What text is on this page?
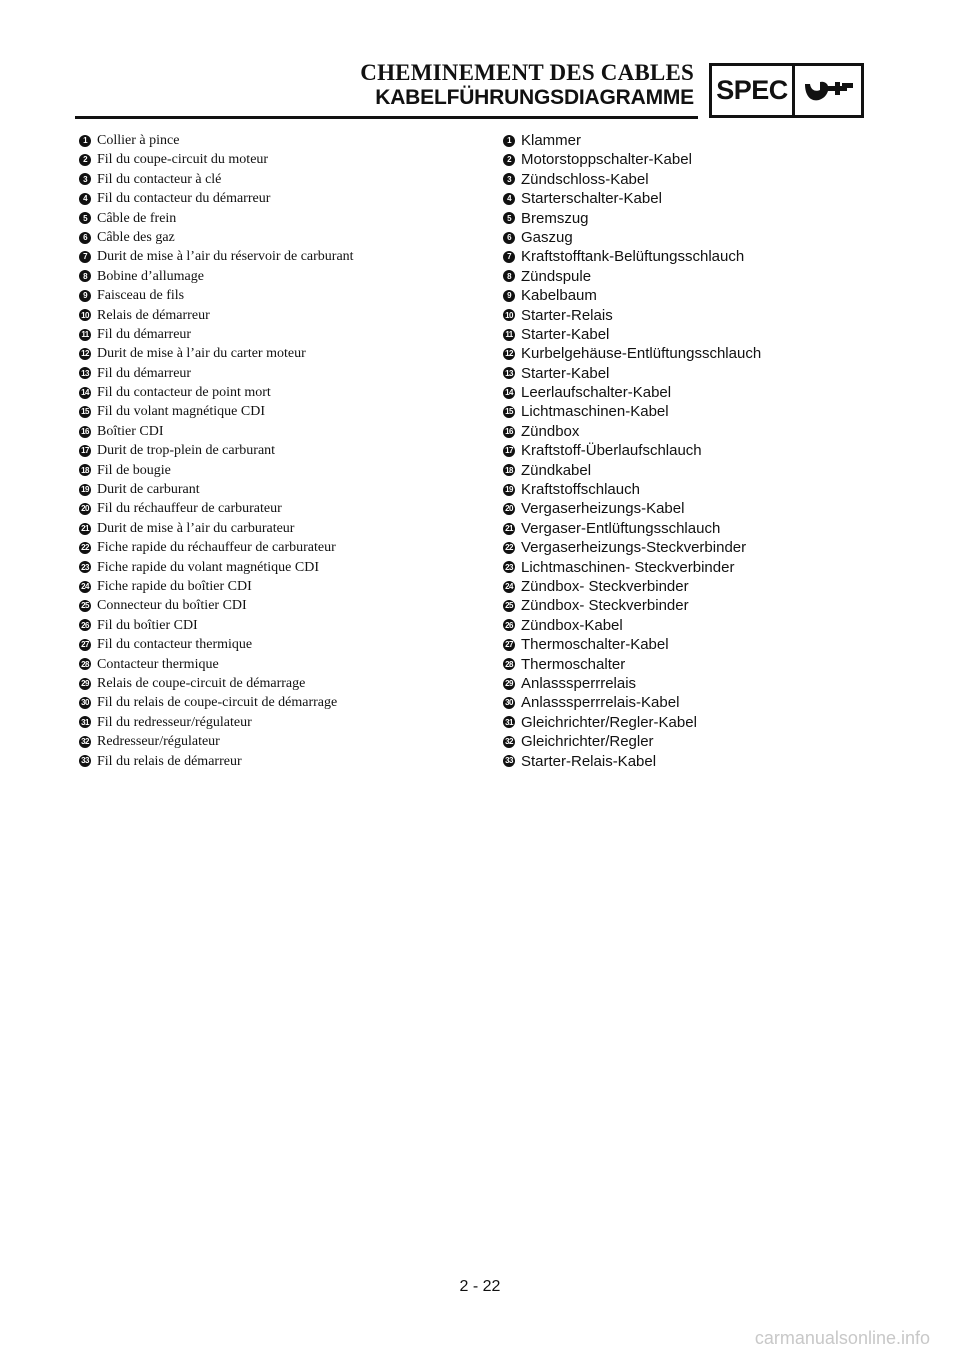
CHEMINEMENT DES CABLES
KABELFÜHRUNGSDIAGRAMME SPEC
1 Collier à pince
2 Fil du coupe-circuit du moteur
3 Fil du contacteur à clé
4 Fil du contacteur du démarreur
5 Câble de frein
6 Câble des gaz
7 Durit de mise à l’air du réservoir de carburant
8 Bobine d’allumage
9 Faisceau de fils
10 Relais de démarreur
11 Fil du démarreur
12 Durit de mise à l’air du carter moteur
13 Fil du démarreur
14 Fil du contacteur de point mort
15 Fil du volant magnétique CDI
16 Boîtier CDI
17 Durit de trop-plein de carburant
18 Fil de bougie
19 Durit de carburant
20 Fil du réchauffeur de carburateur
21 Durit de mise à l’air du carburateur
22 Fiche rapide du réchauffeur de carburateur
23 Fiche rapide du volant magnétique CDI
24 Fiche rapide du boîtier CDI
25 Connecteur du boîtier CDI
26 Fil du boîtier CDI
27 Fil du contacteur thermique
28 Contacteur thermique
29 Relais de coupe-circuit de démarrage
30 Fil du relais de coupe-circuit de démarrage
31 Fil du redresseur/régulateur
32 Redresseur/régulateur
33 Fil du relais de démarreur
1 Klammer
2 Motorstoppschalter-Kabel
3 Zündschloss-Kabel
4 Starterschalter-Kabel
5 Bremszug
6 Gaszug
7 Kraftstofftank-Belüftungsschlauch
8 Zündspule
9 Kabelbaum
10 Starter-Relais
11 Starter-Kabel
12 Kurbelgehäuse-Entlüftungsschlauch
13 Starter-Kabel
14 Leerlaufschalter-Kabel
15 Lichtmaschinen-Kabel
16 Zündbox
17 Kraftstoff-Überlaufschlauch
18 Zündkabel
19 Kraftstoffschlauch
20 Vergaserheizungs-Kabel
21 Vergaser-Entlüftungsschlauch
22 Vergaserheizungs-Steckverbinder
23 Lichtmaschinen- Steckverbinder
24 Zündbox- Steckverbinder
25 Zündbox- Steckverbinder
26 Zündbox-Kabel
27 Thermoschalter-Kabel
28 Thermoschalter
29 Anlasssperrrelais
30 Anlasssperrrelais-Kabel
31 Gleichrichter/Regler-Kabel
32 Gleichrichter/Regler
33 Starter-Relais-Kabel
2 - 22
carmanualsonline.info
